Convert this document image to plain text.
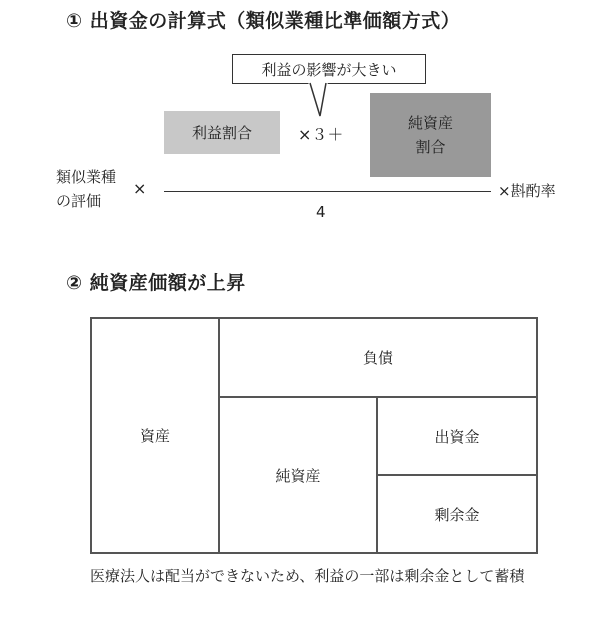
① 出資金の計算式（類似業種比準価額方式）
利益の影響が大きい
利益割合	×３＋
純資産
割合
類似業種
の評価
×
4
×斟酌率
② 純資産価額が上昇
資産
負債
純資産
出資金
剰余金
医療法人は配当ができないため、利益の一部は剰余金として蓄積
